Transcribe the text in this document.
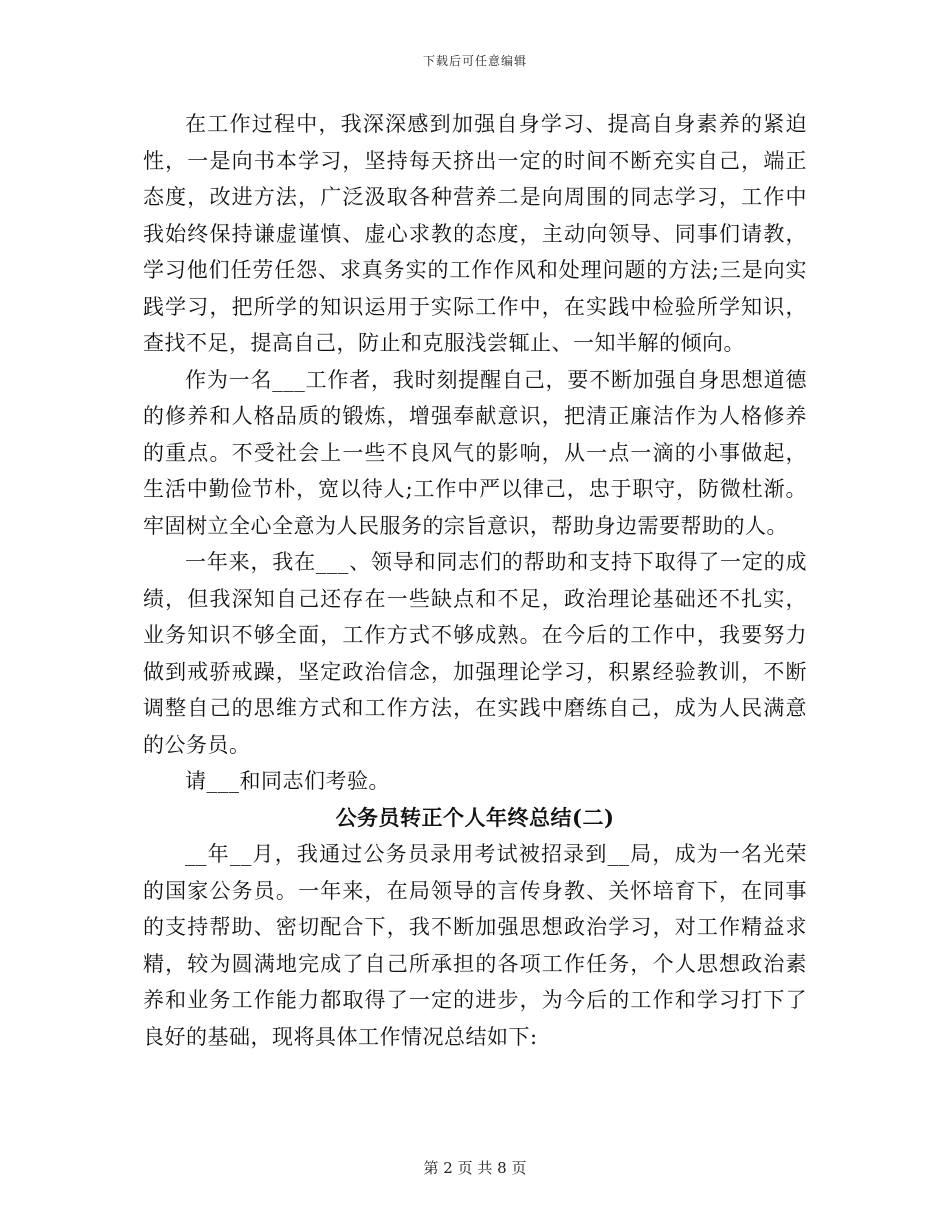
下载后可任意编辑

在工作过程中，我深深感到加强自身学习、提高自身素养的紧迫性，一是向书本学习，坚持每天挤出一定的时间不断充实自己，端正态度，改进方法，广泛汲取各种营养二是向周围的同志学习，工作中我始终保持谦虚谨慎、虚心求教的态度，主动向领导、同事们请教，学习他们任劳任怨、求真务实的工作作风和处理问题的方法;三是向实践学习，把所学的知识运用于实际工作中，在实践中检验所学知识，查找不足，提高自己，防止和克服浅尝辄止、一知半解的倾向。

作为一名___工作者，我时刻提醒自己，要不断加强自身思想道德的修养和人格品质的锻炼，增强奉献意识，把清正廉洁作为人格修养的重点。不受社会上一些不良风气的影响，从一点一滴的小事做起，生活中勤俭节朴，宽以待人;工作中严以律己，忠于职守，防微杜渐。牢固树立全心全意为人民服务的宗旨意识，帮助身边需要帮助的人。

一年来，我在___、领导和同志们的帮助和支持下取得了一定的成绩，但我深知自己还存在一些缺点和不足，政治理论基础还不扎实，业务知识不够全面，工作方式不够成熟。在今后的工作中，我要努力做到戒骄戒躁，坚定政治信念，加强理论学习，积累经验教训，不断调整自己的思维方式和工作方法，在实践中磨练自己，成为人民满意的公务员。

请___和同志们考验。

公务员转正个人年终总结(二)

__年__月，我通过公务员录用考试被招录到__局，成为一名光荣的国家公务员。一年来，在局领导的言传身教、关怀培育下，在同事的支持帮助、密切配合下，我不断加强思想政治学习，对工作精益求精，较为圆满地完成了自己所承担的各项工作任务，个人思想政治素养和业务工作能力都取得了一定的进步，为今后的工作和学习打下了良好的基础，现将具体工作情况总结如下:

第 2 页 共 8 页
